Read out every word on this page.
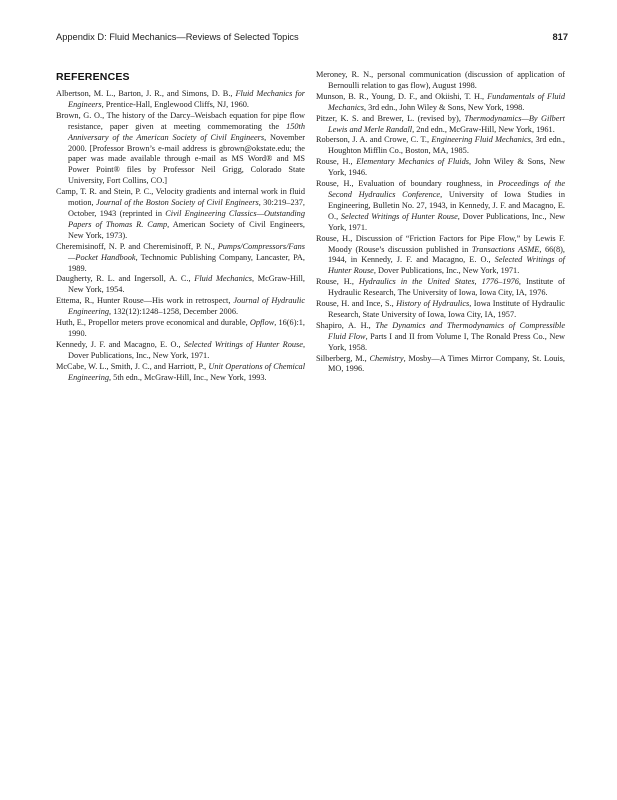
Appendix D: Fluid Mechanics—Reviews of Selected Topics	817
REFERENCES

Albertson, M. L., Barton, J. R., and Simons, D. B., Fluid Mechanics for Engineers, Prentice-Hall, Englewood Cliffs, NJ, 1960.

Brown, G. O., The history of the Darcy–Weisbach equation for pipe flow resistance, paper given at meeting commemorating the 150th Anniversary of the American Society of Civil Engineers, November 2000. [Professor Brown’s e-mail address is gbrown@okstate.edu; the paper was made available through e-mail as MS Word® and MS Power Point® files by Professor Neil Grigg, Colorado State University, Fort Collins, CO.]

Camp, T. R. and Stein, P. C., Velocity gradients and internal work in fluid motion, Journal of the Boston Society of Civil Engineers, 30:219–237, October, 1943 (reprinted in Civil Engineering Classics—Outstanding Papers of Thomas R. Camp, American Society of Civil Engineers, New York, 1973).

Cheremisinoff, N. P. and Cheremisinoff, P. N., Pumps/Compressors/Fans—Pocket Handbook, Technomic Publishing Company, Lancaster, PA, 1989.

Daugherty, R. L. and Ingersoll, A. C., Fluid Mechanics, McGraw-Hill, New York, 1954.

Ettema, R., Hunter Rouse—His work in retrospect, Journal of Hydraulic Engineering, 132(12):1248–1258, December 2006.

Huth, E., Propellor meters prove economical and durable, Opflow, 16(6):1, 1990.

Kennedy, J. F. and Macagno, E. O., Selected Writings of Hunter Rouse, Dover Publications, Inc., New York, 1971.

McCabe, W. L., Smith, J. C., and Harriott, P., Unit Operations of Chemical Engineering, 5th edn., McGraw-Hill, Inc., New York, 1993.

Meroney, R. N., personal communication (discussion of application of Bernoulli relation to gas flow), August 1998.

Munson, B. R., Young, D. F., and Okiishi, T. H., Fundamentals of Fluid Mechanics, 3rd edn., John Wiley & Sons, New York, 1998.

Pitzer, K. S. and Brewer, L. (revised by), Thermodynamics—By Gilbert Lewis and Merle Randall, 2nd edn., McGraw-Hill, New York, 1961.

Roberson, J. A. and Crowe, C. T., Engineering Fluid Mechanics, 3rd edn., Houghton Mifflin Co., Boston, MA, 1985.

Rouse, H., Elementary Mechanics of Fluids, John Wiley & Sons, New York, 1946.

Rouse, H., Evaluation of boundary roughness, in Proceedings of the Second Hydraulics Conference, University of Iowa Studies in Engineering, Bulletin No. 27, 1943, in Kennedy, J. F. and Macagno, E. O., Selected Writings of Hunter Rouse, Dover Publications, Inc., New York, 1971.

Rouse, H., Discussion of “Friction Factors for Pipe Flow,” by Lewis F. Moody (Rouse’s discussion published in Transactions ASME, 66(8), 1944, in Kennedy, J. F. and Macagno, E. O., Selected Writings of Hunter Rouse, Dover Publications, Inc., New York, 1971.

Rouse, H., Hydraulics in the United States, 1776–1976, Institute of Hydraulic Research, The University of Iowa, Iowa City, IA, 1976.

Rouse, H. and Ince, S., History of Hydraulics, Iowa Institute of Hydraulic Research, State University of Iowa, Iowa City, IA, 1957.

Shapiro, A. H., The Dynamics and Thermodynamics of Compressible Fluid Flow, Parts I and II from Volume I, The Ronald Press Co., New York, 1958.

Silberberg, M., Chemistry, Mosby—A Times Mirror Company, St. Louis, MO, 1996.
